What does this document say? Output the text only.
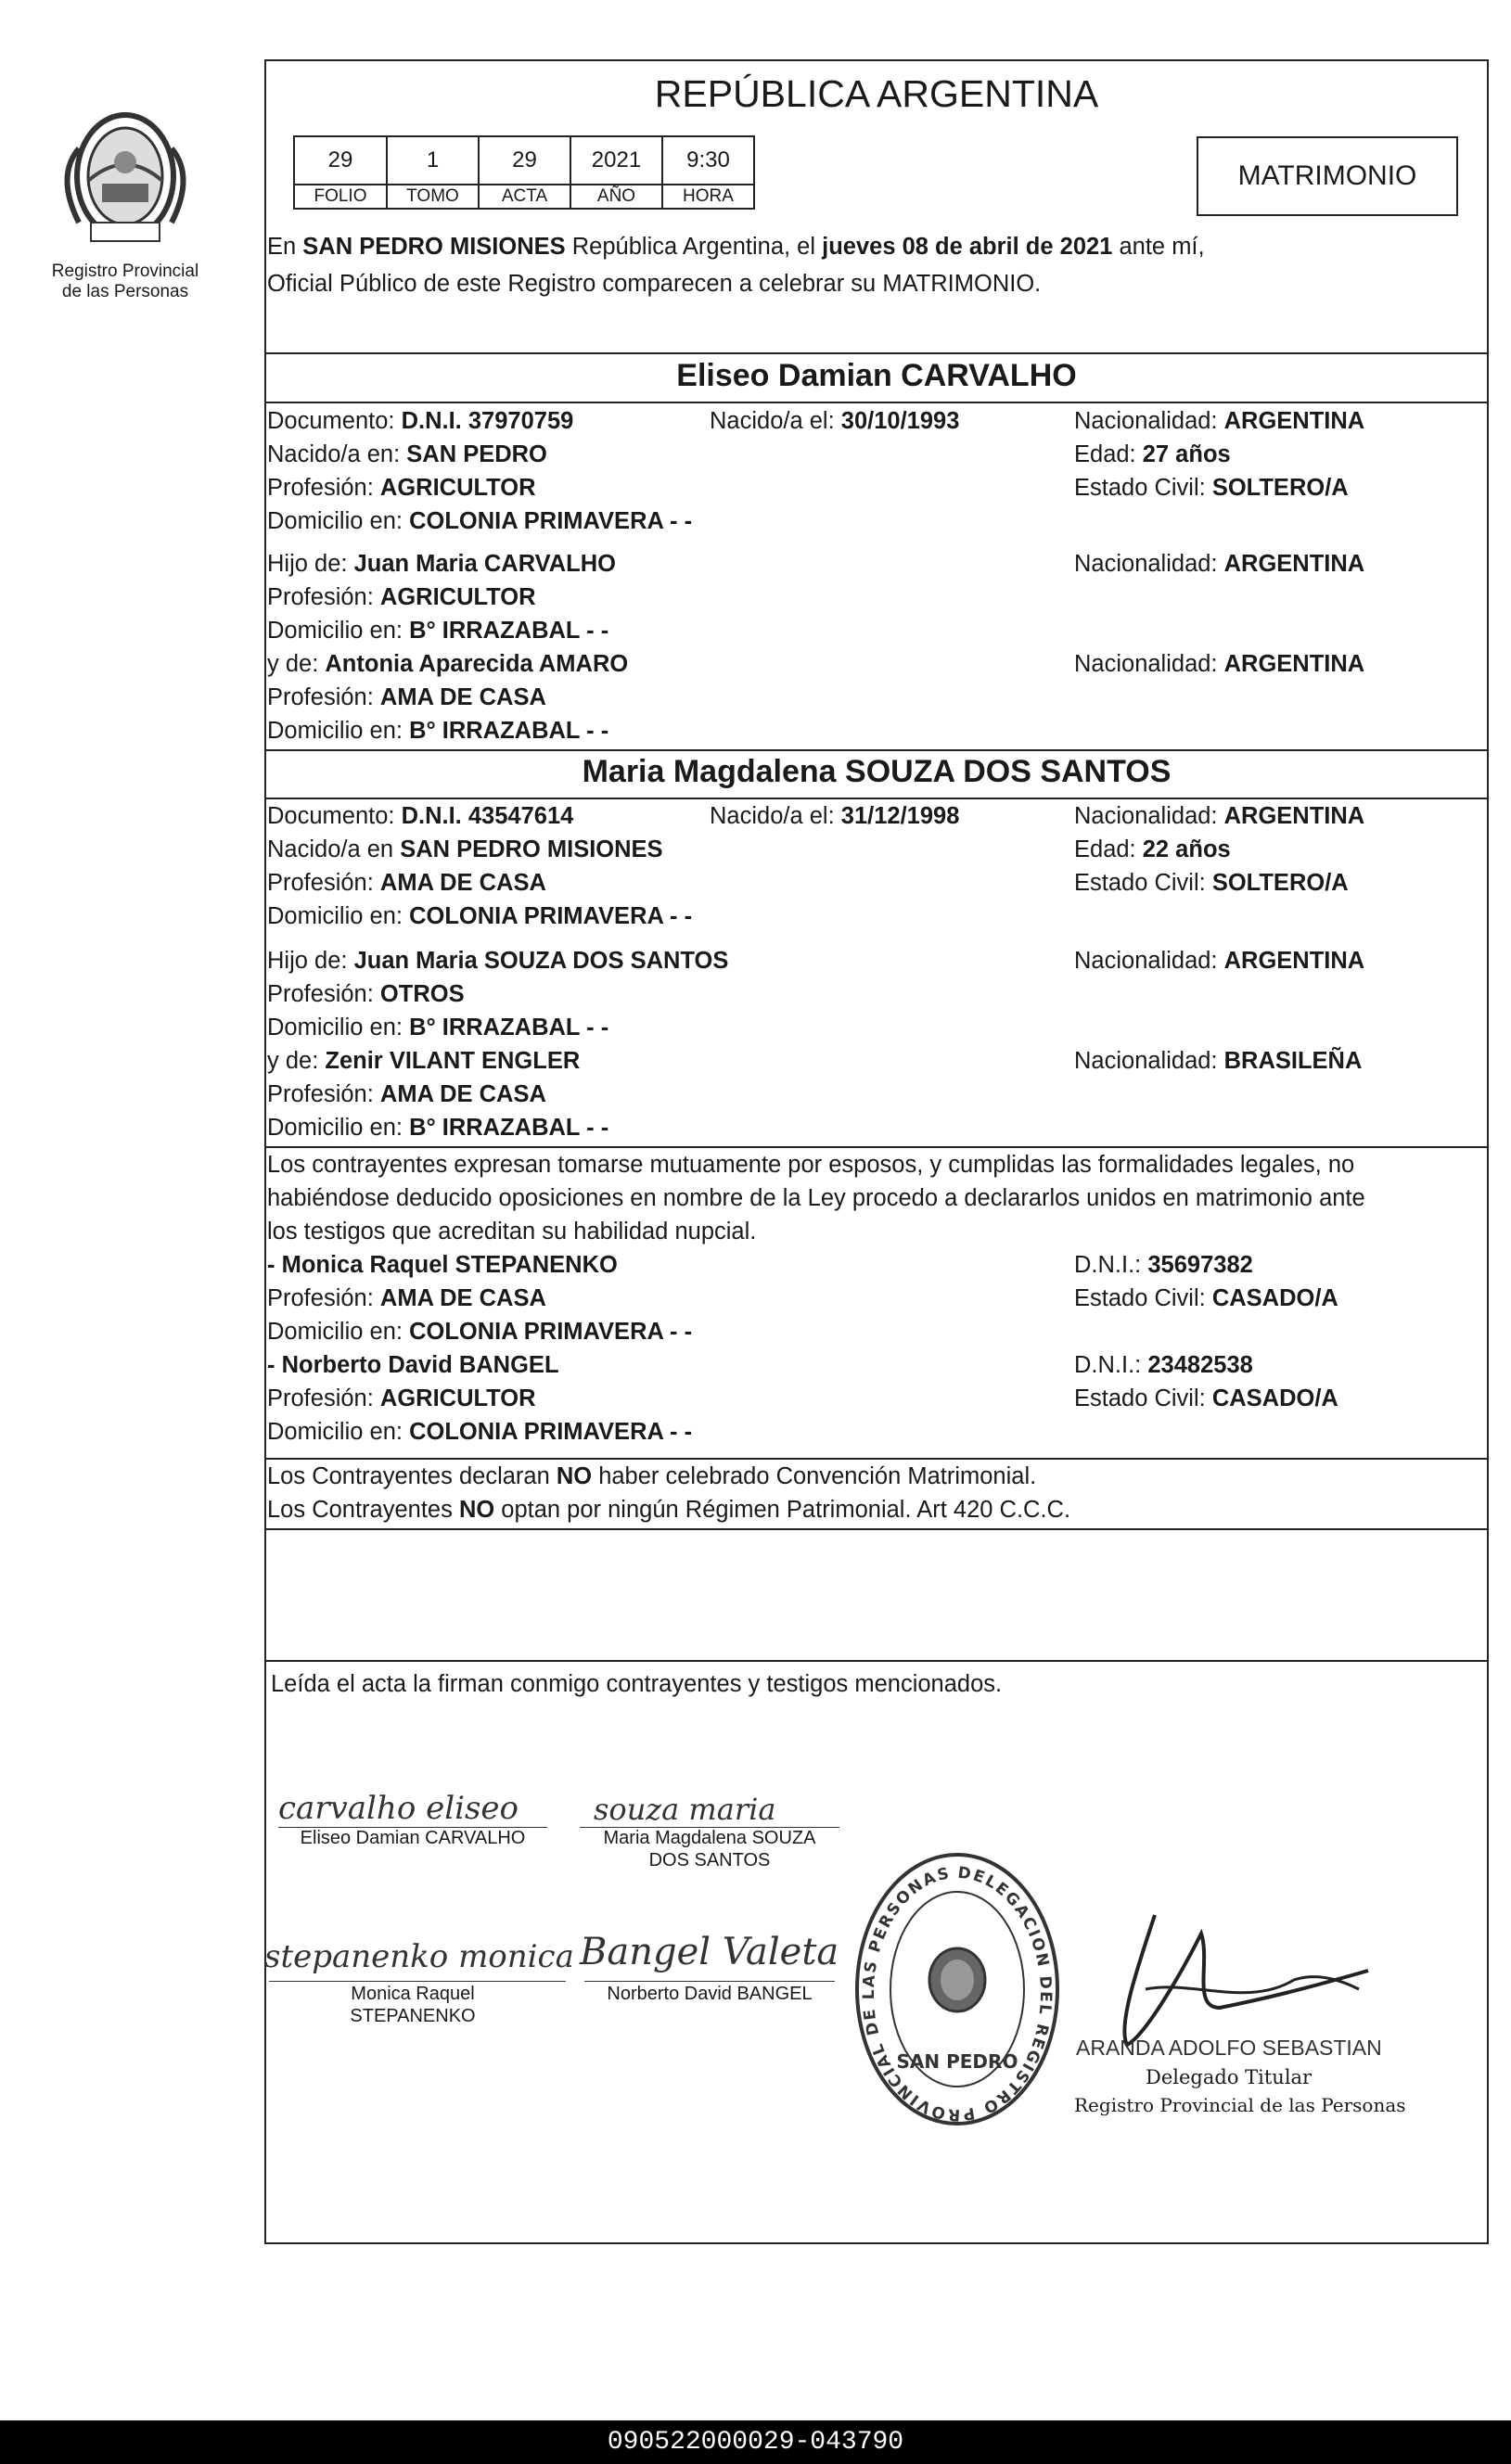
Registro Provincial
de las Personas
REPÚBLICA ARGENTINA
29	1	29	2021	9:30
FOLIO	TOMO	ACTA	AÑO	HORA
MATRIMONIO
En SAN PEDRO MISIONES República Argentina, el jueves 08 de abril de 2021 ante mí,
Oficial Público de este Registro comparecen a celebrar su MATRIMONIO.
Eliseo Damian CARVALHO
Documento: D.N.I. 37970759	Nacido/a el: 30/10/1993	Nacionalidad: ARGENTINA
Nacido/a en: SAN PEDRO	Edad: 27 años
Profesión: AGRICULTOR	Estado Civil: SOLTERO/A
Domicilio en: COLONIA PRIMAVERA - -
Hijo de: Juan Maria CARVALHO	Nacionalidad: ARGENTINA
Profesión: AGRICULTOR
Domicilio en: B° IRRAZABAL - -
y de: Antonia Aparecida AMARO	Nacionalidad: ARGENTINA
Profesión: AMA DE CASA
Domicilio en: B° IRRAZABAL - -
Maria Magdalena SOUZA DOS SANTOS
Documento: D.N.I. 43547614	Nacido/a el: 31/12/1998	Nacionalidad: ARGENTINA
Nacido/a en SAN PEDRO MISIONES	Edad: 22 años
Profesión: AMA DE CASA	Estado Civil: SOLTERO/A
Domicilio en: COLONIA PRIMAVERA - -
Hijo de: Juan Maria SOUZA DOS SANTOS	Nacionalidad: ARGENTINA
Profesión: OTROS
Domicilio en: B° IRRAZABAL - -
y de: Zenir VILANT ENGLER	Nacionalidad: BRASILEÑA
Profesión: AMA DE CASA
Domicilio en: B° IRRAZABAL - -
Los contrayentes expresan tomarse mutuamente por esposos, y cumplidas las formalidades legales, no
habiéndose deducido oposiciones en nombre de la Ley procedo a declararlos unidos en matrimonio ante
los testigos que acreditan su habilidad nupcial.
- Monica Raquel STEPANENKO	D.N.I.: 35697382
Profesión: AMA DE CASA	Estado Civil: CASADO/A
Domicilio en: COLONIA PRIMAVERA - -
- Norberto David BANGEL	D.N.I.: 23482538
Profesión: AGRICULTOR	Estado Civil: CASADO/A
Domicilio en: COLONIA PRIMAVERA - -
Los Contrayentes declaran NO haber celebrado Convención Matrimonial.
Los Contrayentes NO optan por ningún Régimen Patrimonial. Art 420 C.C.C.
Leída el acta la firman conmigo contrayentes y testigos mencionados.
carvalho eliseo
Eliseo Damian CARVALHO
souza maria
Maria Magdalena SOUZA
DOS SANTOS
stepanenko monica
Monica Raquel
STEPANENKO
Bangel Valeta
Norberto David BANGEL
DELEGACION DEL REGISTRO PROVINCIAL DE LAS PERSONAS
SAN PEDRO
ARANDA ADOLFO SEBASTIAN
Delegado Titular
Registro Provincial de las Personas
090522000029-043790
